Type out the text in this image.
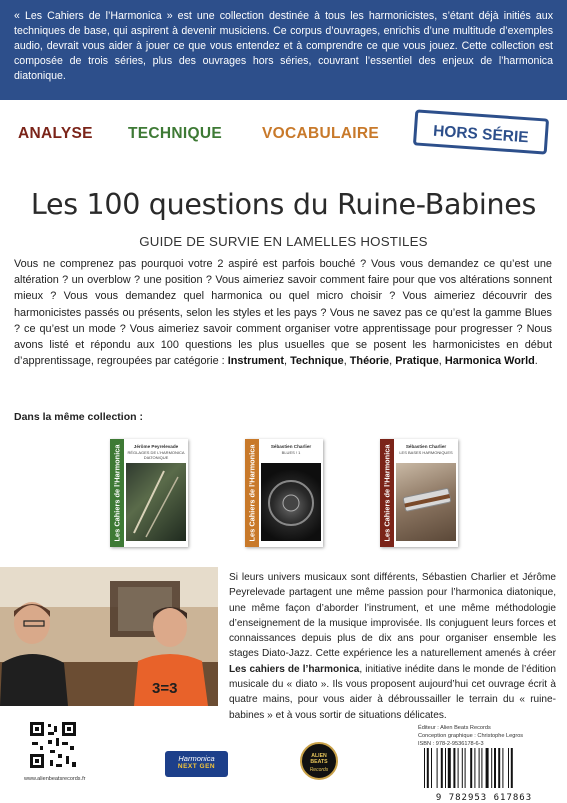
« Les Cahiers de l’Harmonica » est une collection destinée à tous les harmonicistes, s’étant déjà initiés aux techniques de base, qui aspirent à devenir musiciens. Ce corpus d’ouvrages, enrichis d’une multitude d’exemples audio, devrait vous aider à jouer ce que vous entendez et à comprendre ce que vous jouez. Cette collection est composée de trois séries, plus des ouvrages hors séries, couvrant l’essentiel des enjeux de l’harmonica diatonique.

ANALYSE TECHNIQUE	VOCABULAIRE	HORS SÉRIE
Les 100 questions du Ruine-Babines
GUIDE DE SURVIE EN LAMELLES HOSTILES

Vous ne comprenez pas pourquoi votre 2 aspiré est parfois bouché ? Vous vous demandez ce qu’est une altération ? un overblow ? une position ? Vous aimeriez savoir comment faire pour que vos altérations sonnent mieux ? Vous vous demandez quel harmonica ou quel micro choisir ? Vous aimeriez découvrir des harmonicistes passés ou présents, selon les styles et les pays ? Vous ne savez pas ce qu’est la gamme Blues ? ce qu’est un mode ? Vous aimeriez savoir comment organiser votre apprentissage pour progresser ? Nous avons listé et répondu aux 100 questions les plus usuelles que se posent les harmonicistes en début d’apprentissage, regroupées par catégorie : Instrument, Technique, Théorie, Pratique, Harmonica World.

Dans la même collection :
Les Cahiers de l’Harmonica	Jérôme Peyrelevade
RÉGLAGES DE L’HARMONICA DIATONIQUE	Les Cahiers de l’Harmonica	Sébastien Charlier
BLUES ! 1	Les Cahiers de l’Harmonica	Sébastien Charlier
LES BASES HARMONIQUES
3=3

Si leurs univers musicaux sont différents, Sébastien Charlier et Jérôme Peyrelevade partagent une même passion pour l’harmonica diatonique, une même façon d’aborder l’instrument, et une même méthodologie d’enseignement de la musique improvisée. Ils conjuguent leurs forces et connaissances depuis plus de dix ans pour organiser ensemble les stages Diato-Jazz. Cette expérience les a naturellement amenés à créer Les cahiers de l’harmonica, initiative inédite dans le monde de l’édition musicale du « diato ». Ils vous proposent aujourd’hui cet ouvrage écrit à quatre mains, pour vous aider à débroussailler le terrain du « ruine-babines » et à vous sortir de situations délicates.

www.alienbeatsrecords.fr
Harmonica
NEXT GEN
ALIEN BEATS
Records
Éditeur : Alien Beats Records
Conception graphique : Christophe Legros
ISBN : 978-2-9536178-6-3
9 782953 617863
